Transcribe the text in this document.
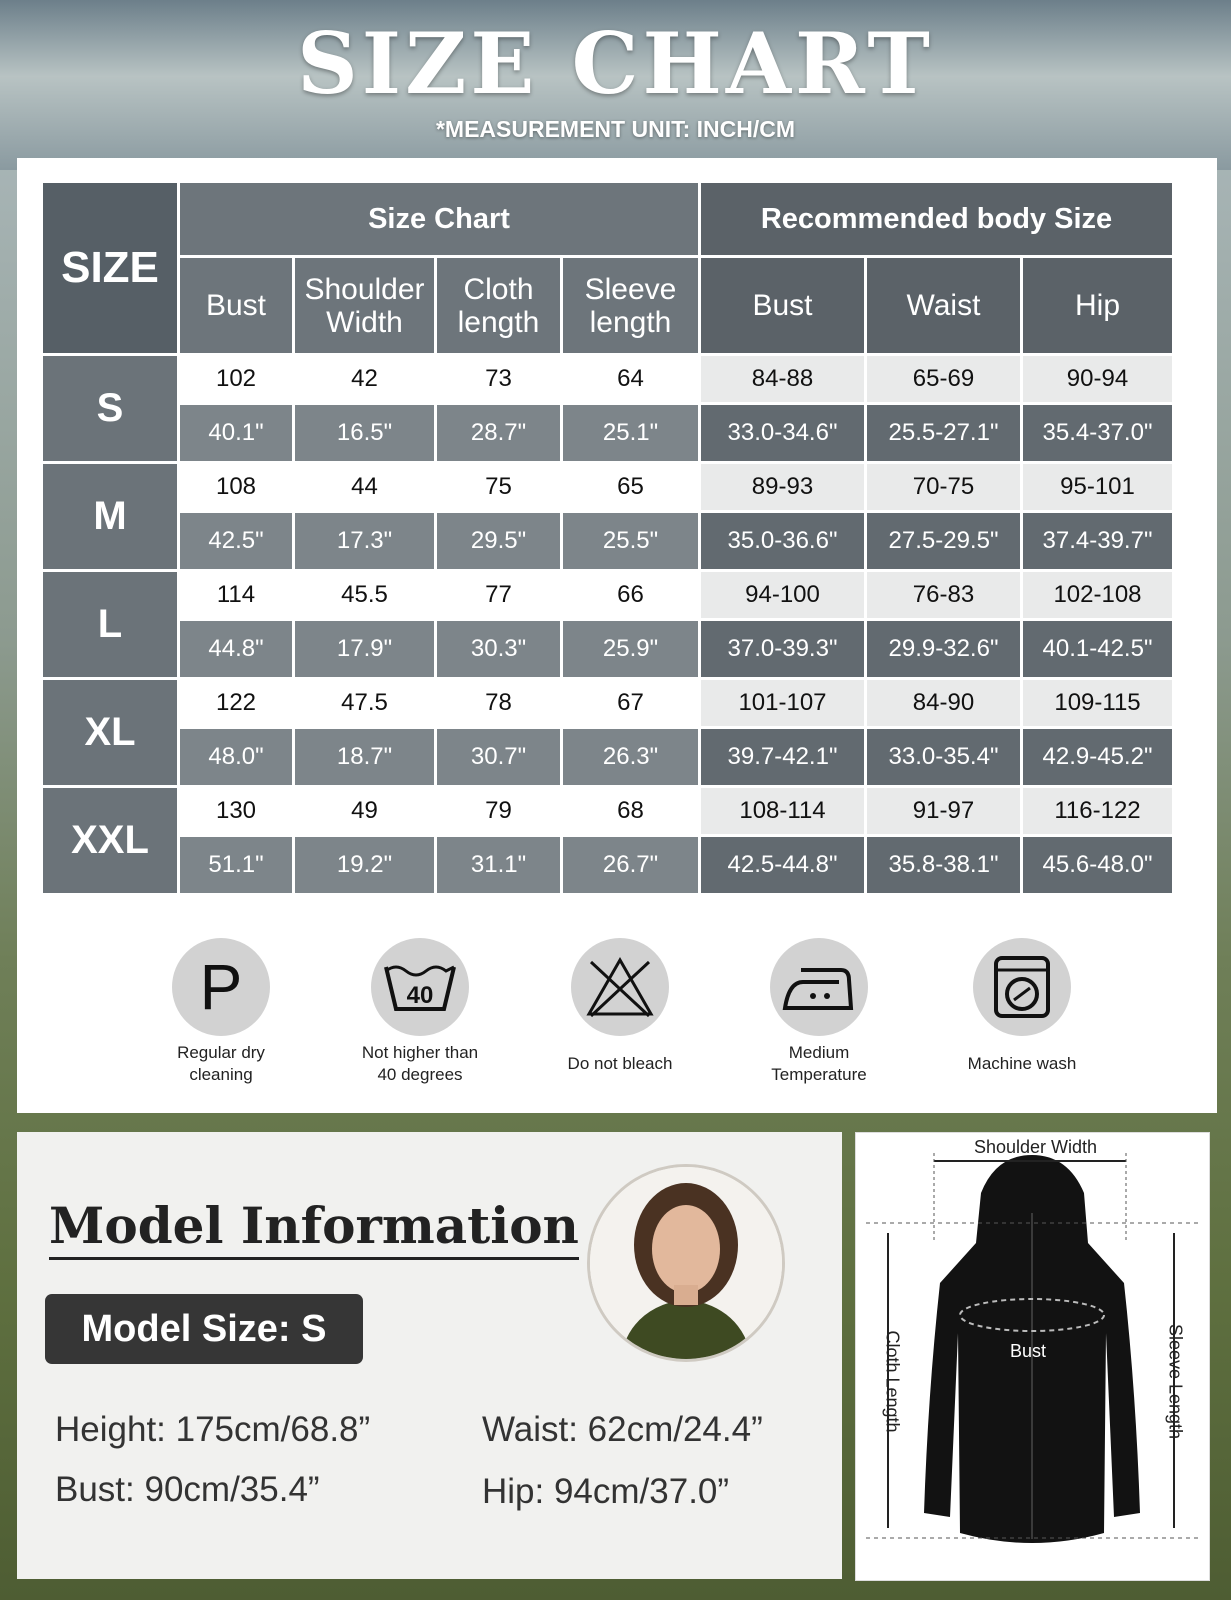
SIZE CHART
*MEASUREMENT UNIT: INCH/CM
SIZE	Size Chart				Recommended body Size		
	Bust	Shoulder Width	Cloth length	Sleeve length	Bust	Waist	Hip
S	102	42	73	64	84-88	65-69	90-94
	40.1"	16.5"	28.7"	25.1"	33.0-34.6"	25.5-27.1"	35.4-37.0"
M	108	44	75	65	89-93	70-75	95-101
	42.5"	17.3"	29.5"	25.5"	35.0-36.6"	27.5-29.5"	37.4-39.7"
L	114	45.5	77	66	94-100	76-83	102-108
	44.8"	17.9"	30.3"	25.9"	37.0-39.3"	29.9-32.6"	40.1-42.5"
XL	122	47.5	78	67	101-107	84-90	109-115
	48.0"	18.7"	30.7"	26.3"	39.7-42.1"	33.0-35.4"	42.9-45.2"
XXL	130	49	79	68	108-114	91-97	116-122
	51.1"	19.2"	31.1"	26.7"	42.5-44.8"	35.8-38.1"	45.6-48.0"
P
Regular dry
cleaning
40
Not higher than
40 degrees
Do not bleach
Medium
Temperature
Machine wash
Model Information
Model Size: S
Height: 175cm/68.8”
Bust: 90cm/35.4”
Waist: 62cm/24.4”
Hip: 94cm/37.0”
Shoulder Width
Bust
Cloth Length	Sleeve Length
